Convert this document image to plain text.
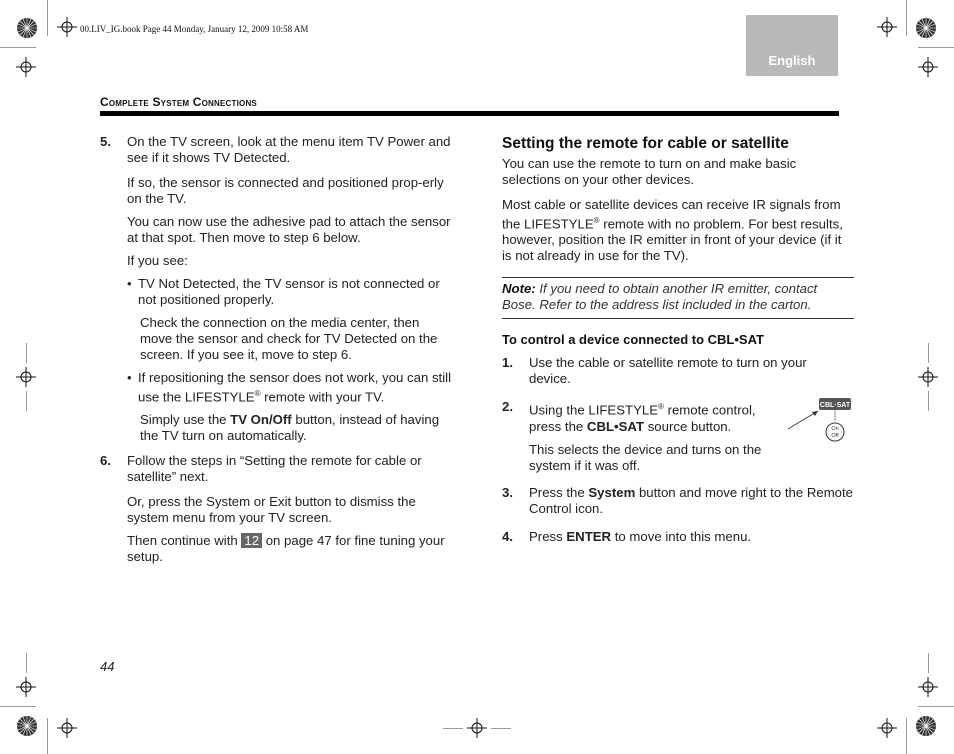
00.LIV_IG.book Page 44 Monday, January 12, 2009 10:58 AM
English
Complete System Connections
5. On the TV screen, look at the menu item TV Power and see if it shows TV Detected.

If so, the sensor is connected and positioned prop-erly on the TV.

You can now use the adhesive pad to attach the sensor at that spot. Then move to step 6 below.

If you see:

• TV Not Detected, the TV sensor is not connected or not positioned properly.

Check the connection on the media center, then move the sensor and check for TV Detected on the screen. If you see it, move to step 6.

• If repositioning the sensor does not work, you can still use the LIFESTYLE® remote with your TV.

Simply use the TV On/Off button, instead of having the TV turn on automatically.

6. Follow the steps in “Setting the remote for cable or satellite” next.

Or, press the System or Exit button to dismiss the system menu from your TV screen.

Then continue with 12 on page 47 for fine tuning your setup.

Setting the remote for cable or satellite

You can use the remote to turn on and make basic selections on your other devices.

Most cable or satellite devices can receive IR signals from the LIFESTYLE® remote with no problem. For best results, however, position the IR emitter in front of your device (if it is not already in use for the TV).

Note: If you need to obtain another IR emitter, contact Bose. Refer to the address list included in the carton.

To control a device connected to CBL•SAT

1. Use the cable or satellite remote to turn on your device.

2. Using the LIFESTYLE® remote control, press the CBL•SAT source button.

This selects the device and turns on the system if it was off.

3. Press the System button and move right to the Remote Control icon.

4. Press ENTER to move into this menu.

CBL·SAT
On
Off
44
